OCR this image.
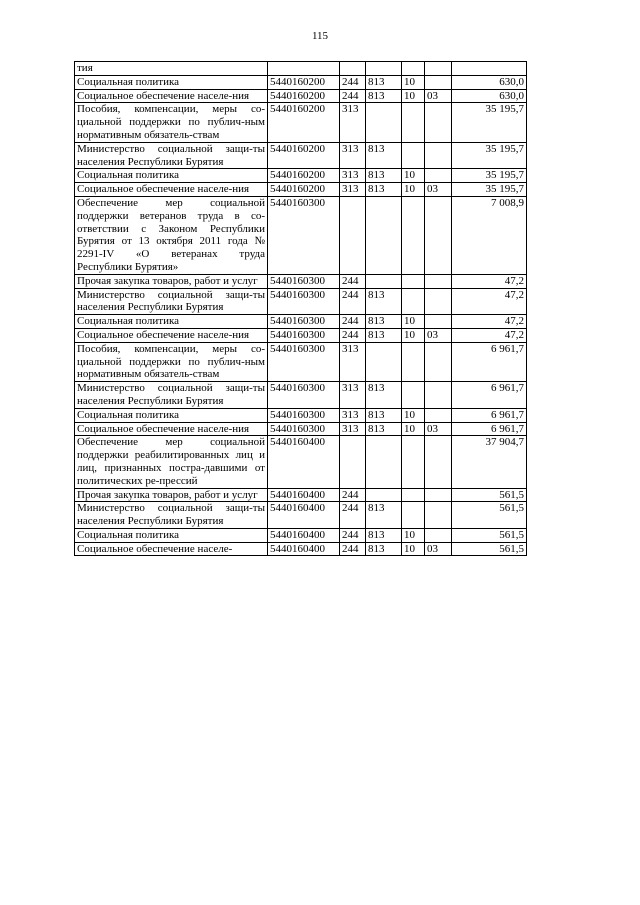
115
тия						
Социальная политика	5440160200	244	813	10		630,0
Социальное обеспечение населе-ния	5440160200	244	813	10	03	630,0
Пособия, компенсации, меры со-циальной поддержки по публич-ным нормативным обязатель-ствам	5440160200	313				35 195,7
Министерство социальной защи-ты населения Республики Бурятия	5440160200	313	813			35 195,7
Социальная политика	5440160200	313	813	10		35 195,7
Социальное обеспечение населе-ния	5440160200	313	813	10	03	35 195,7
Обеспечение мер социальной поддержки ветеранов труда в со-ответствии с Законом Республики Бурятия от 13 октября 2011 года № 2291-IV «О ветеранах труда Республики Бурятия»	5440160300					7 008,9
Прочая закупка товаров, работ и услуг	5440160300	244				47,2
Министерство социальной защи-ты населения Республики Бурятия	5440160300	244	813			47,2
Социальная политика	5440160300	244	813	10		47,2
Социальное обеспечение населе-ния	5440160300	244	813	10	03	47,2
Пособия, компенсации, меры со-циальной поддержки по публич-ным нормативным обязатель-ствам	5440160300	313				6 961,7
Министерство социальной защи-ты населения Республики Бурятия	5440160300	313	813			6 961,7
Социальная политика	5440160300	313	813	10		6 961,7
Социальное обеспечение населе-ния	5440160300	313	813	10	03	6 961,7
Обеспечение мер социальной поддержки реабилитированных лиц и лиц, признанных постра-давшими от политических ре-прессий	5440160400					37 904,7
Прочая закупка товаров, работ и услуг	5440160400	244				561,5
Министерство социальной защи-ты населения Республики Бурятия	5440160400	244	813			561,5
Социальная политика	5440160400	244	813	10		561,5
Социальное обеспечение населе-	5440160400	244	813	10	03	561,5
